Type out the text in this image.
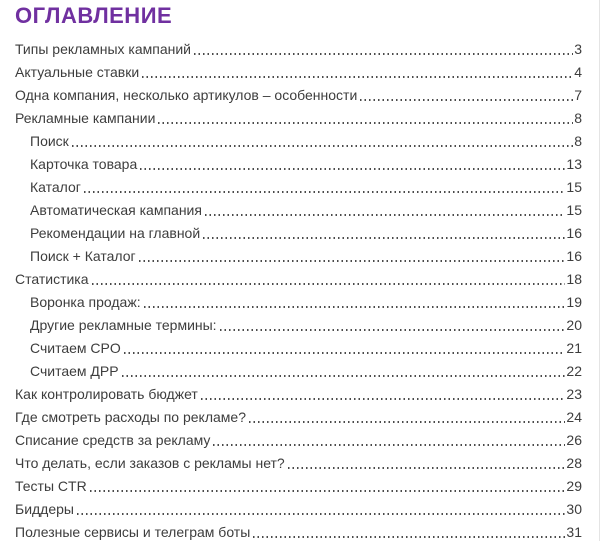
ОГЛАВЛЕНИЕ
Типы рекламных кампаний	3
Актуальные ставки	4
Одна компания, несколько артикулов – особенности	7
Рекламные кампании	8
Поиск	8
Карточка товара	13
Каталог	15
Автоматическая кампания	15
Рекомендации на главной	16
Поиск + Каталог	16
Статистика	18
Воронка продаж:	19
Другие рекламные термины:	20
Считаем CPO	21
Считаем ДРР	22
Как контролировать бюджет	23
Где смотреть расходы по рекламе?	24
Списание средств за рекламу	26
Что делать, если заказов с рекламы нет?	28
Тесты CTR	29
Биддеры	30
Полезные сервисы и телеграм боты	31
